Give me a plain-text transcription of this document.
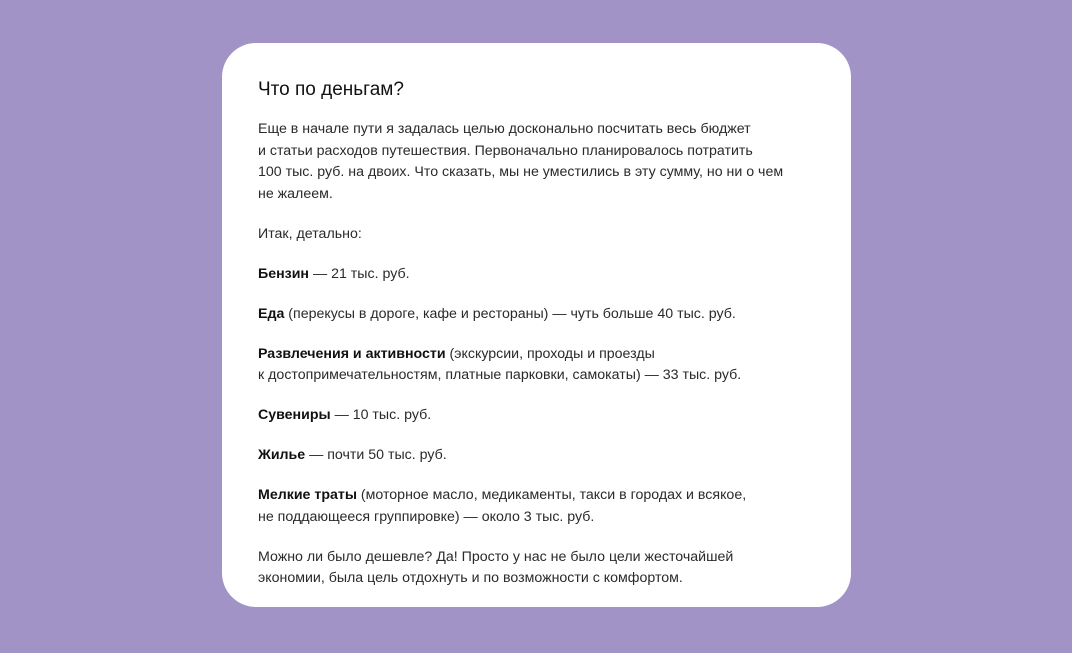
Что по деньгам?

Еще в начале пути я задалась целью досконально посчитать весь бюджет
и статьи расходов путешествия. Первоначально планировалось потратить
100 тыс. руб. на двоих. Что сказать, мы не уместились в эту сумму, но ни о чем
не жалеем.

Итак, детально:

Бензин — 21 тыс. руб.

Еда (перекусы в дороге, кафе и рестораны) — чуть больше 40 тыс. руб.

Развлечения и активности (экскурсии, проходы и проезды
к достопримечательностям, платные парковки, самокаты) — 33 тыс. руб.

Сувениры — 10 тыс. руб.

Жилье — почти 50 тыс. руб.

Мелкие траты (моторное масло, медикаменты, такси в городах и всякое,
не поддающееся группировке) — около 3 тыс. руб.

Можно ли было дешевле? Да! Просто у нас не было цели жесточайшей
экономии, была цель отдохнуть и по возможности с комфортом.
